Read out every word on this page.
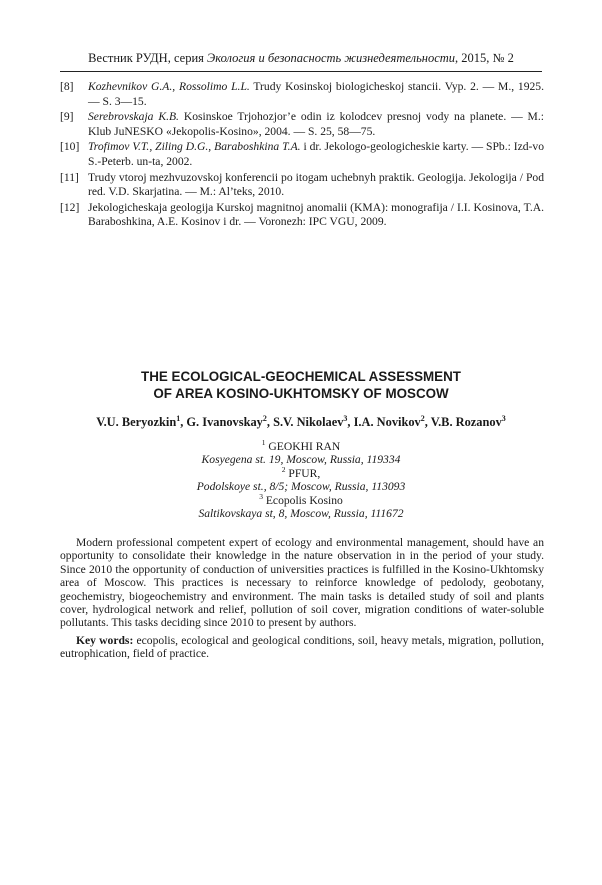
Вестник РУДН, серия Экология и безопасность жизнедеятельности, 2015, № 2
[8]	Kozhevnikov G.A., Rossolimo L.L. Trudy Kosinskoj biologicheskoj stancii. Vyp. 2. — M., 1925. — S. 3—15.
[9]	Serebrovskaja K.B. Kosinskoe Trjohozjor’e odin iz kolodcev presnoj vody na planete. — M.: Klub JuNESKO «Jekopolis-Kosino», 2004. — S. 25, 58—75.
[10] Trofimov V.T., Ziling D.G., Baraboshkina T.A. i dr. Jekologo-geologicheskie karty. — SPb.: Izd-vo S.-Peterb. un-ta, 2002.
[11] Trudy vtoroj mezhvuzovskoj konferencii po itogam uchebnyh praktik. Geologija. Jekologija / Pod red. V.D. Skarjatina. — M.: Al’teks, 2010.
[12] Jekologicheskaja geologija Kurskoj magnitnoj anomalii (KMA): monografija / I.I. Kosinova, T.A. Baraboshkina, A.E. Kosinov i dr. — Voronezh: IPC VGU, 2009.
THE ECOLOGICAL-GEOCHEMICAL ASSESSMENT
OF AREA KOSINO-UKHTOMSKY OF MOSCOW
V.U. Beryozkin$^1$, G. Ivanovskay$^2$, S.V. Nikolaev$^3$, I.A. Novikov$^2$, V.B. Rozanov$^3$
$^1$ GEOKHI RAN
Kosyegena st. 19, Moscow, Russia, 119334
$^2$ PFUR,
Podolskoye st., 8/5; Moscow, Russia, 113093
$^3$ Ecopolis Kosino
Saltikovskaya st, 8, Moscow, Russia, 111672

Modern professional competent expert of ecology and environmental management, should have an opportunity to consolidate their knowledge in the nature observation in in the period of your study. Since 2010 the opportunity of conduction of universities practices is fulfilled in the Kosino-Ukhtomsky area of Moscow. This practices is necessary to reinforce knowledge of pedolody, geobotany, geochemistry, biogeochemistry and environment. The main tasks is detailed study of soil and plants cover, hydrological network and relief, pollution of soil cover, migration conditions of water-soluble pollutants. This tasks deciding since 2010 to present by authors.

Key words: ecopolis, ecological and geological conditions, soil, heavy metals, migration, pollution, eutrophication, field of practice.
